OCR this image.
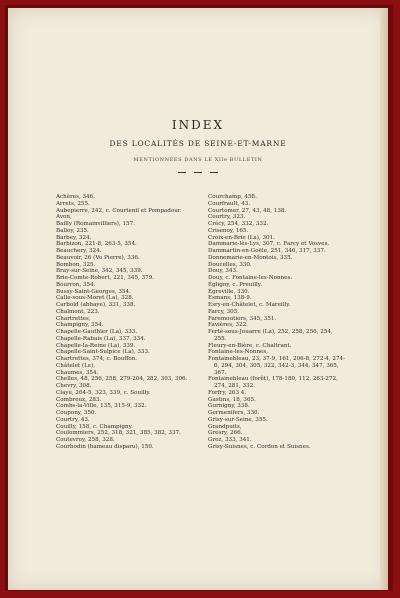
INDEX
DES LOCALITÉS DE SEINE-ET-MARNE
MENTIONNÉES DANS LE XIIe BULLETIN
Achères, 346.
Arrets, 255.
Aubepierre, 242, c. Courtenil et Pompadour.
Avon,
Bailly (Romainvilliers), 157.
Balloy, 235.
Barbey, 324.
Barbizon, 221-8, 263-5, 354.
Beauchery, 324.
Beauvoir, 26 (Vo Pierre), 336.
Bombon, 325.
Bray-sur-Seine, 342, 345, 339.
Brie-Comte-Robert, 221, 345, 379.
Bourron, 354.
Bussy-Saint-Georges, 354.
Calle-sous-Moret (La), 328.
Carbold (abbaye), 331, 338.
Chalmont, 223.
Chartrettes,
Champigny, 354.
Chapelle-Gauthier (La), 333.
Chapelle-Rabais (La), 337, 334.
Chapelle-la-Reine (La), 339.
Chapelle-Saint-Sulpice (La), 333.
Chartrettes, 374, c. Bouffon.
Châtelet (Le),
Chaumes, 354.
Chelles, 48, 256, 258, 279-204, 282, 303, 306.
Chevry, 308.
Claye, 264-5, 323, 339, c. Souilly.
Combreux, 283.
Combs-la-Ville, 135, 315-9, 332.
Coupony, 350.
Courtry, 43.
Couilly, 158, c. Champigny.
Coulommiers, 252, 318, 321, 385, 382, 337.
Coutevroy, 258, 328.
Courbodin (hameau disparu), 150.
Courchamp, 458.
Courfrault, 43.
Courtomer, 27, 43, 48, 138.
Courtry, 323.
Crécy, 254, 332, 332.
Crisenoy, 165.
Croix-en-Brie (La), 301.
Dammarie-lès-Lys, 307, c. Farcy et Vosves.
Dammartin-en-Goële, 251, 346, 317, 337.
Donnemarie-en-Montois, 335.
Doucelles, 330.
Douy, 343.
Douy, c. Fontaine-les-Nonnes.
Égligny, c. Preuilly.
Égreville, 330.
Esmans, 138-9.
Esry-en-Châtelet, c. Mareilly.
Farcy, 305.
Faremoutiers, 345, 351.
Favières, 322.
Ferté-sous-Jouarre (La), 252, 258, 256, 254, 255.
Fleury-en-Bière, c. Chaltrant.
Fontaine-les-Nonnes,
Fontainebleau, 23, 37-9, 161, 206-8, 272-4, 274-6, 294, 304, 305, 322, 342-3, 344, 347, 365, 367.
Fontainebleau (forêt), 178-180, 112, 263-272, 274, 281, 332.
Forfry, 263 4.
Gastins, 18, 365.
Gurnigny, 338.
Germenifers, 330.
Grisy-sur-Seine, 355.
Grandpuits,
Gresry, 266.
Grez, 333, 341.
Grisy-Suisnes, c. Cordon et Suisnes.
